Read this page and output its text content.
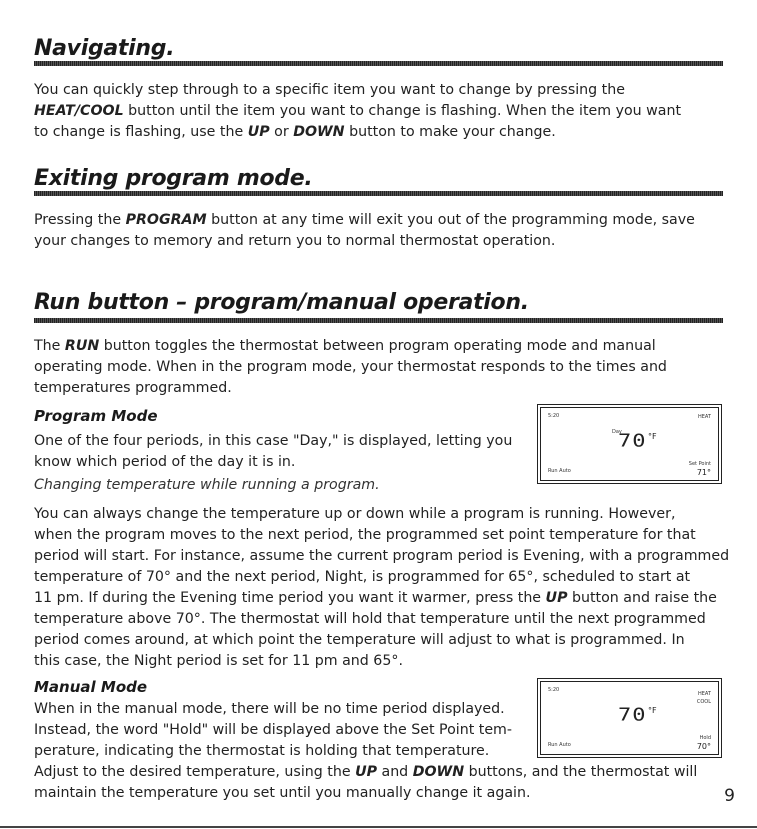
Navigating.

You can quickly step through to a specific item you want to change by pressing the
HEAT/COOL button until the item you want to change is flashing. When the item you want
to change is flashing, use the UP or DOWN button to make your change.

Exiting program mode.

Pressing the PROGRAM button at any time will exit you out of the programming mode, save
your changes to memory and return you to normal thermostat operation.

Run button – program/manual operation.

The RUN button toggles the thermostat between program operating mode and manual
operating mode. When in the program mode, your thermostat responds to the times and
temperatures programmed.

Program Mode

One of the four periods, in this case "Day," is displayed, letting you
know which period of the day it is in.

5:20	HEAT
Day
70 °F
Run Auto
Set Point
71°

Changing temperature while running a program.

You can always change the temperature up or down while a program is running. However,
when the program moves to the next period, the programmed set point temperature for that
period will start. For instance, assume the current program period is Evening, with a programmed
temperature of 70° and the next period, Night, is programmed for 65°, scheduled to start at
11 pm. If during the Evening time period you want it warmer, press the UP button and raise the
temperature above 70°. The thermostat will hold that temperature until the next programmed
period comes around, at which point the temperature will adjust to what is programmed. In
this case, the Night period is set for 11 pm and 65°.

Manual Mode	5:20
HEAT
COOL
70 °F
Run Auto
Hold
70°

When in the manual mode, there will be no time period displayed.
Instead, the word "Hold" will be displayed above the Set Point tem-
perature, indicating the thermostat is holding that temperature.
Adjust to the desired temperature, using the UP and DOWN buttons, and the thermostat will
maintain the temperature you set until you manually change it again.	9
